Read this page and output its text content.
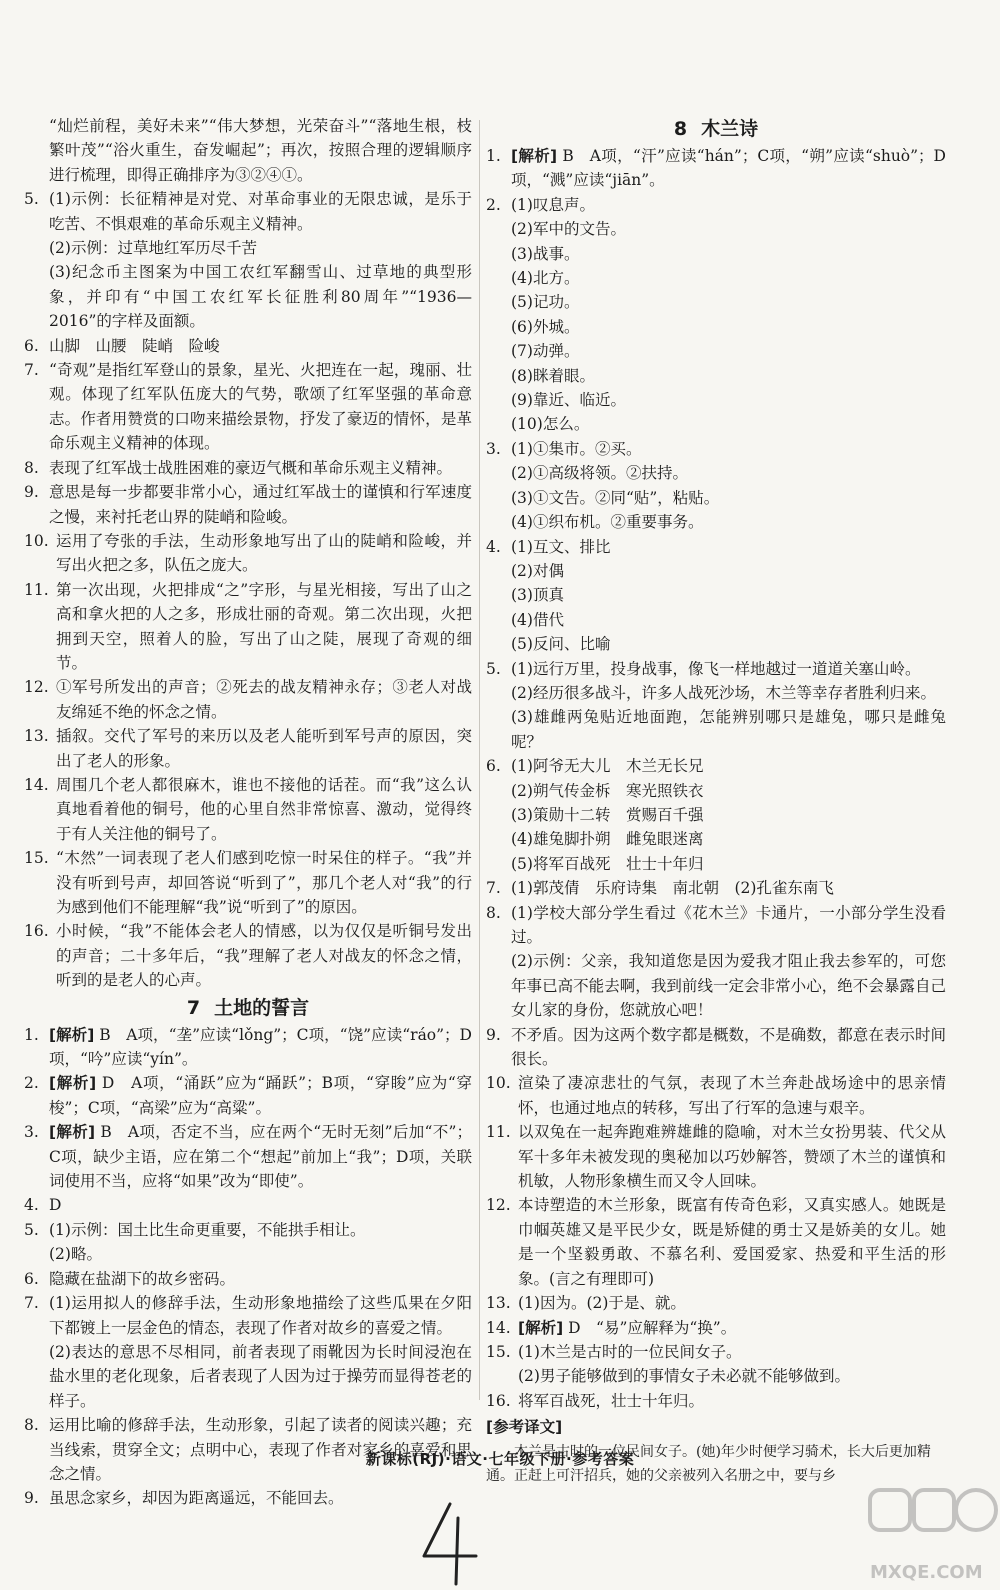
“灿烂前程，美好未来”“伟大梦想，光荣奋斗”“落地生根，枝繁叶茂”“浴火重生，奋发崛起”；再次，按照合理的逻辑顺序进行梳理，即得正确排序为③②④①。

5. (1)示例：长征精神是对党、对革命事业的无限忠诚，是乐于吃苦、不惧艰难的革命乐观主义精神。
(2)示例：过草地红军历尽千苦
(3)纪念币主图案为中国工农红军翻雪山、过草地的典型形象，并印有“中国工农红军长征胜利80周年”“1936—2016”的字样及面额。
6. 山脚　山腰　陡峭　险峻
7. “奇观”是指红军登山的景象，星光、火把连在一起，瑰丽、壮观。体现了红军队伍庞大的气势，歌颂了红军坚强的革命意志。作者用赞赏的口吻来描绘景物，抒发了豪迈的情怀，是革命乐观主义精神的体现。
8. 表现了红军战士战胜困难的豪迈气概和革命乐观主义精神。
9. 意思是每一步都要非常小心，通过红军战士的谨慎和行军速度之慢，来衬托老山界的陡峭和险峻。
10. 运用了夸张的手法，生动形象地写出了山的陡峭和险峻，并写出火把之多，队伍之庞大。
11. 第一次出现，火把排成“之”字形，与星光相接，写出了山之高和拿火把的人之多，形成壮丽的奇观。第二次出现，火把拥到天空，照着人的脸，写出了山之陡，展现了奇观的细节。
12. ①军号所发出的声音；②死去的战友精神永存；③老人对战友绵延不绝的怀念之情。
13. 插叙。交代了军号的来历以及老人能听到军号声的原因，突出了老人的形象。
14. 周围几个老人都很麻木，谁也不接他的话茬。而“我”这么认真地看着他的铜号，他的心里自然非常惊喜、激动，觉得终于有人关注他的铜号了。
15. “木然”一词表现了老人们感到吃惊一时呆住的样子。“我”并没有听到号声，却回答说“听到了”，那几个老人对“我”的行为感到他们不能理解“我”说“听到了”的原因。
16. 小时候，“我”不能体会老人的情感，以为仅仅是听铜号发出的声音；二十多年后，“我”理解了老人对战友的怀念之情，听到的是老人的心声。
7 土地的誓言
1. [解析] B　A项，“垄”应读“lǒng”；C项，“饶”应读“ráo”；D项，“吟”应读“yín”。
2. [解析] D　A项，“涌跃”应为“踊跃”；B项，“穿睃”应为“穿梭”；C项，“高梁”应为“高粱”。
3. [解析] B　A项，否定不当，应在两个“无时无刻”后加“不”；C项，缺少主语，应在第二个“想起”前加上“我”；D项，关联词使用不当，应将“如果”改为“即使”。
4. D
5. (1)示例：国土比生命更重要，不能拱手相让。
(2)略。
6. 隐藏在盐湖下的故乡密码。
7. (1)运用拟人的修辞手法，生动形象地描绘了这些瓜果在夕阳下都镀上一层金色的情态，表现了作者对故乡的喜爱之情。
(2)表达的意思不尽相同，前者表现了雨靴因为长时间浸泡在盐水里的老化现象，后者表现了人因为过于操劳而显得苍老的样子。
8. 运用比喻的修辞手法，生动形象，引起了读者的阅读兴趣；充当线索，贯穿全文；点明中心，表现了作者对家乡的喜爱和思念之情。
9. 虽思念家乡，却因为距离遥远，不能回去。
8 木兰诗
1. [解析] B　A项，“汗”应读“hán”；C项，“朔”应读“shuò”；D项，“溅”应读“jiān”。
2. (1)叹息声。
(2)军中的文告。
(3)战事。
(4)北方。
(5)记功。
(6)外城。
(7)动弹。
(8)眯着眼。
(9)靠近、临近。
(10)怎么。
3. (1)①集市。②买。
(2)①高级将领。②扶持。
(3)①文告。②同“贴”，粘贴。
(4)①织布机。②重要事务。
4. (1)互文、排比
(2)对偶
(3)顶真
(4)借代
(5)反问、比喻
5. (1)远行万里，投身战事，像飞一样地越过一道道关塞山岭。
(2)经历很多战斗，许多人战死沙场，木兰等幸存者胜利归来。
(3)雄雌两兔贴近地面跑，怎能辨别哪只是雄兔，哪只是雌兔呢？
6. (1)阿爷无大儿　木兰无长兄
(2)朔气传金柝　寒光照铁衣
(3)策勋十二转　赏赐百千强
(4)雄兔脚扑朔　雌兔眼迷离
(5)将军百战死　壮士十年归
7. (1)郭茂倩　乐府诗集　南北朝　(2)孔雀东南飞
8. (1)学校大部分学生看过《花木兰》卡通片，一小部分学生没看过。
(2)示例：父亲，我知道您是因为爱我才阻止我去参军的，可您年事已高不能去啊，我到前线一定会非常小心，绝不会暴露自己女儿家的身份，您就放心吧！
9. 不矛盾。因为这两个数字都是概数，不是确数，都意在表示时间很长。
10. 渲染了凄凉悲壮的气氛，表现了木兰奔赴战场途中的思亲情怀，也通过地点的转移，写出了行军的急速与艰辛。
11. 以双兔在一起奔跑难辨雄雌的隐喻，对木兰女扮男装、代父从军十多年未被发现的奥秘加以巧妙解答，赞颂了木兰的谨慎和机敏，人物形象横生而又令人回味。
12. 本诗塑造的木兰形象，既富有传奇色彩，又真实感人。她既是巾帼英雄又是平民少女，既是矫健的勇士又是娇美的女儿。她是一个坚毅勇敢、不慕名利、爱国爱家、热爱和平生活的形象。(言之有理即可)
13. (1)因为。(2)于是、就。
14. [解析] D　“易”应解释为“换”。
15. (1)木兰是古时的一位民间女子。
(2)男子能够做到的事情女子未必就不能够做到。
16. 将军百战死，壮士十年归。
[参考译文]

木兰是古时的一位民间女子。(她)年少时便学习骑术，长大后更加精通。正赶上可汗招兵，她的父亲被列入名册之中，要与乡

新课标(RJ)·语文·七年级下册·参考答案
MXQE.COM
